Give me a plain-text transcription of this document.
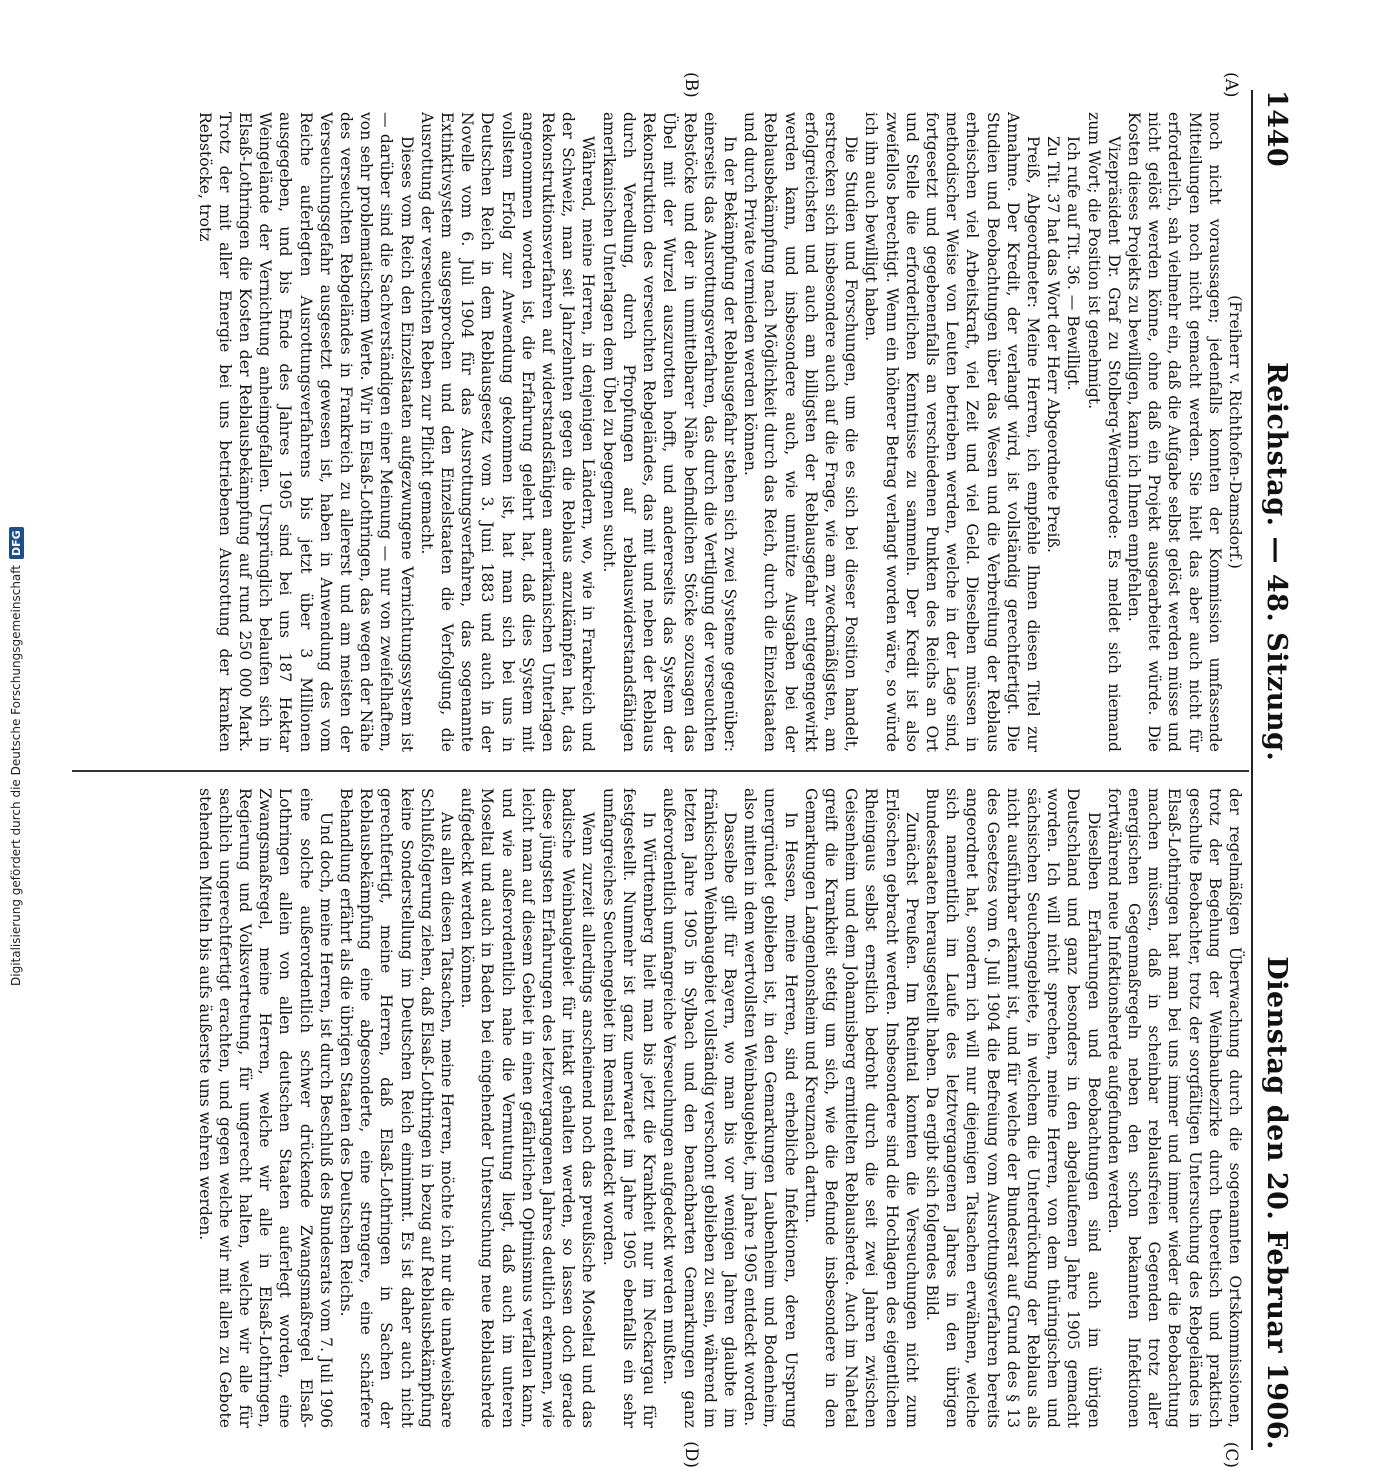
1440
Reichstag. — 48. Sitzung.
Dienstag den 20. Februar 1906.
(A)
(B)
(C)
(D)

(Freiherr v. Richthofen-Damsdorf.)

noch nicht voraussagen; jedenfalls konnten der Kommission umfassende Mitteilungen noch nicht gemacht werden. Sie hielt das aber auch nicht für erforderlich, sah vielmehr ein, daß die Aufgabe selbst gelöst werden müsse und nicht gelöst werden könne, ohne daß ein Projekt ausgearbeitet würde. Die Kosten dieses Projekts zu bewilligen, kann ich Ihnen empfehlen.

Vizepräsident Dr. Graf zu Stolberg-Wernigerode: Es meldet sich niemand zum Wort; die Position ist genehmigt.

Ich rufe auf Tit. 36. — Bewilligt.

Zu Tit. 37 hat das Wort der Herr Abgeordnete Preiß.

Preiß, Abgeordneter: Meine Herren, ich empfehle Ihnen diesen Titel zur Annahme. Der Kredit, der verlangt wird, ist vollständig gerechtfertigt. Die Studien und Beobachtungen über das Wesen und die Verbreitung der Reblaus erheischen viel Arbeitskraft, viel Zeit und viel Geld. Dieselben müssen in methodischer Weise von Leuten betrieben werden, welche in der Lage sind, fortgesetzt und gegebenenfalls an verschiedenen Punkten des Reichs an Ort und Stelle die erforderlichen Kenntnisse zu sammeln. Der Kredit ist also zweifellos berechtigt. Wenn ein höherer Betrag verlangt worden wäre, so würde ich ihn auch bewilligt haben.

Die Studien und Forschungen, um die es sich bei dieser Position handelt, erstrecken sich insbesondere auch auf die Frage, wie am zweckmäßigsten, am erfolgreichsten und auch am billigsten der Reblausgefahr entgegengewirkt werden kann, und insbesondere auch, wie unnütze Ausgaben bei der Reblausbekämpfung nach Möglichkeit durch das Reich, durch die Einzelstaaten und durch Private vermieden werden können.

In der Bekämpfung der Reblausgefahr stehen sich zwei Systeme gegenüber: einerseits das Ausrottungsverfahren, das durch die Vertilgung der verseuchten Rebstöcke und der in unmittelbarer Nähe befindlichen Stöcke sozusagen das Übel mit der Wurzel auszurotten hofft, und andererseits das System der Rekonstruktion des verseuchten Rebgeländes, das mit und neben der Reblaus durch Veredlung, durch Pfropfungen auf reblauswiderstandsfähigen amerikanischen Unterlagen dem Übel zu begegnen sucht.

Während, meine Herren, in denjenigen Ländern, wo, wie in Frankreich und der Schweiz, man seit Jahrzehnten gegen die Reblaus anzukämpfen hat, das Rekonstruktionsverfahren auf widerstandsfähigen amerikanischen Unterlagen angenommen worden ist, die Erfahrung gelehrt hat, daß dies System mit vollstem Erfolg zur Anwendung gekommen ist, hat man sich bei uns in Deutschen Reich in dem Reblausgesetz vom 3. Juni 1883 und auch in der Novelle vom 6. Juli 1904 für das Ausrottungsverfahren, das sogenannte Extinktivsystem ausgesprochen und den Einzelstaaten die Verfolgung, die Ausrottung der verseuchten Reben zur Pflicht gemacht.

Dieses vom Reich den Einzelstaaten aufgezwungene Vernichtungssystem ist — darüber sind die Sachverständigen einer Meinung — nur von zweifelhaftem, von sehr problematischem Werte. Wir in Elsaß-Lothringen, das wegen der Nähe des verseuchten Rebgeländes in Frankreich zu allererst und am meisten der Verseuchungsgefahr ausgesetzt gewesen ist, haben in Anwendung des vom Reiche auferlegten Ausrottungsverfahrens bis jetzt über 3 Millionen ausgegeben, und bis Ende des Jahres 1905 sind bei uns 187 Hektar Weingelände der Vernichtung anheimgefallen. Ursprünglich belaufen sich in Elsaß-Lothringen die Kosten der Reblausbekämpfung auf rund 250 000 Mark. Trotz der mit aller Energie bei uns betriebenen Ausrottung der kranken Rebstöcke, trotz

der regelmäßigen Überwachung durch die sogenannten Ortskommissionen, trotz der Begehung der Weinbaubezirke durch theoretisch und praktisch geschulte Beobachter, trotz der sorgfältigen Untersuchung des Rebgeländes in Elsaß-Lothringen hat man bei uns immer und immer wieder die Beobachtung machen müssen, daß in scheinbar reblausfreien Gegenden trotz aller energischen Gegenmaßregeln neben den schon bekannten Infektionen fortwährend neue Infektionsherde aufgefunden werden.

Dieselben Erfahrungen und Beobachtungen sind auch im übrigen Deutschland und ganz besonders in den abgelaufenen Jahre 1905 gemacht worden. Ich will nicht sprechen, meine Herren, von dem thüringischen und sächsischen Seuchengebiete, in welchem die Unterdrückung der Reblaus als nicht ausführbar erkannt ist, und für welche der Bundesrat auf Grund des § 13 des Gesetzes vom 6. Juli 1904 die Befreiung vom Ausrottungsverfahren bereits angeordnet hat, sondern ich will nur diejenigen Tatsachen erwähnen, welche sich namentlich im Laufe des letztvergangenen Jahres in den übrigen Bundesstaaten herausgestellt haben. Da ergibt sich folgendes Bild.

Zunächst Preußen. Im Rheintal konnten die Verseuchungen nicht zum Erlöschen gebracht werden. Insbesondere sind die Hochlagen des eigentlichen Rheingaus selbst ernstlich bedroht durch die seit zwei Jahren zwischen Geisenheim und dem Johannisberg ermittelten Reblausherde. Auch im Nahetal greift die Krankheit stetig um sich, wie die Befunde insbesondere in den Gemarkungen Langenlonsheim und Kreuznach dartun.

In Hessen, meine Herren, sind erhebliche Infektionen, deren Ursprung unergründet geblieben ist, in den Gemarkungen Laubenheim und Bodenheim, also mitten in dem wertvollsten Weinbaugebiet, im Jahre 1905 entdeckt worden.

Dasselbe gilt für Bayern, wo man bis vor wenigen Jahren glaubte im fränkischen Weinbaugebiet vollständig verschont geblieben zu sein, während im letzten Jahre 1905 in Sylbach und den benachbarten Gemarkungen ganz außerordentlich umfangreiche Verseuchungen aufgedeckt werden mußten.

In Württemberg hielt man bis jetzt die Krankheit nur im Neckargau für festgestellt. Nunmehr ist ganz unerwartet im Jahre 1905 ebenfalls ein sehr umfangreiches Seuchengebiet im Remstal entdeckt worden.

Wenn zurzeit allerdings anscheinend noch das preußische Moseltal und das badische Weinbaugebiet für intakt gehalten werden, so lassen doch gerade diese jüngsten Erfahrungen des letztvergangenen Jahres deutlich erkennen, wie leicht man auf diesem Gebiet in einen gefährlichen Optimismus verfallen kann, und wie außerordentlich nahe die Vermutung liegt, daß auch im unteren Moseltal und auch in Baden bei eingehender Untersuchung neue Reblausherde aufgedeckt werden können.

Aus allen diesen Tatsachen, meine Herren, möchte ich nur die unabweisbare Schlußfolgerung ziehen, daß Elsaß-Lothringen in bezug auf Reblausbekämpfung keine Sonderstellung im Deutschen Reich einnimmt. Es ist daher auch nicht gerechtfertigt, meine Herren, daß Elsaß-Lothringen in Sachen der Reblausbekämpfung eine abgesonderte, eine strengere, eine schärfere Behandlung erfährt als die übrigen Staaten des Deutschen Reichs.

Und doch, meine Herren, ist durch Beschluß des Bundesrats vom 7. Juli 1906 eine solche außerordentlich schwer drückende Zwangsmaßregel Elsaß-Lothringen allein von allen deutschen Staaten auferlegt worden, eine Zwangsmaßregel, meine Herren, welche wir alle in Elsaß-Lothringen, Regierung und Volksvertretung, für ungerecht halten, welche wir alle für sachlich ungerechtfertigt erachten, und gegen welche wir mit allen zu Gebote stehenden Mitteln bis aufs äußerste uns wehren werden.

Digitalisierung gefördert durch die Deutsche Forschungsgemeinschaft
DFG
